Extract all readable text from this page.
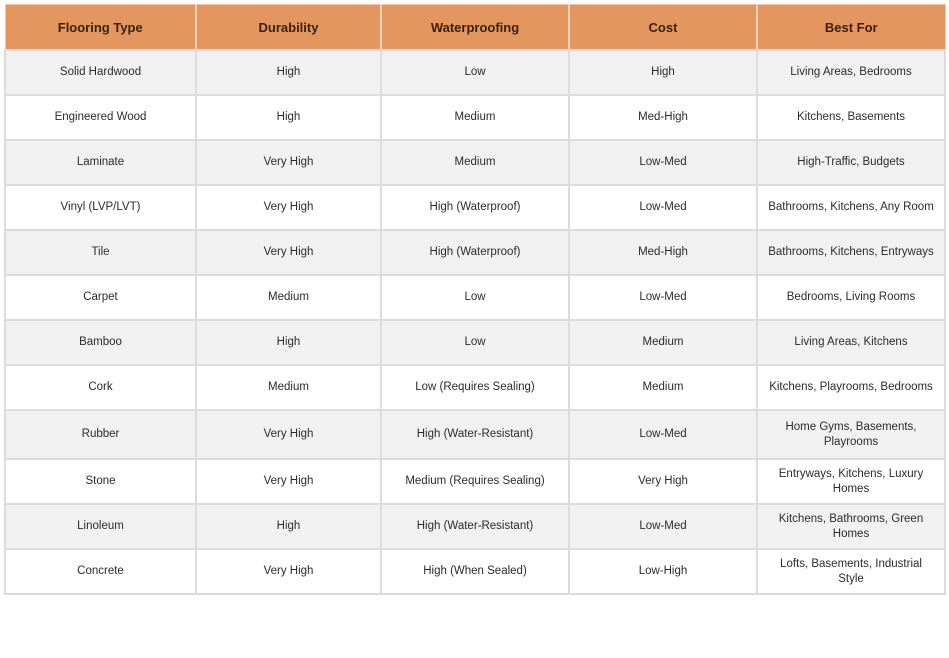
Flooring Type	Durability	Waterproofing	Cost	Best For
Solid Hardwood	High	Low	High	Living Areas, Bedrooms
Engineered Wood	High	Medium	Med-High	Kitchens, Basements
Laminate	Very High	Medium	Low-Med	High-Traffic, Budgets
Vinyl (LVP/LVT)	Very High	High (Waterproof)	Low-Med	Bathrooms, Kitchens, Any Room
Tile	Very High	High (Waterproof)	Med-High	Bathrooms, Kitchens, Entryways
Carpet	Medium	Low	Low-Med	Bedrooms, Living Rooms
Bamboo	High	Low	Medium	Living Areas, Kitchens
Cork	Medium	Low (Requires Sealing)	Medium	Kitchens, Playrooms, Bedrooms
Rubber	Very High	High (Water-Resistant)	Low-Med	Home Gyms, Basements, Playrooms
Stone	Very High	Medium (Requires Sealing)	Very High	Entryways, Kitchens, Luxury Homes
Linoleum	High	High (Water-Resistant)	Low-Med	Kitchens, Bathrooms, Green Homes
Concrete	Very High	High (When Sealed)	Low-High	Lofts, Basements, Industrial Style
